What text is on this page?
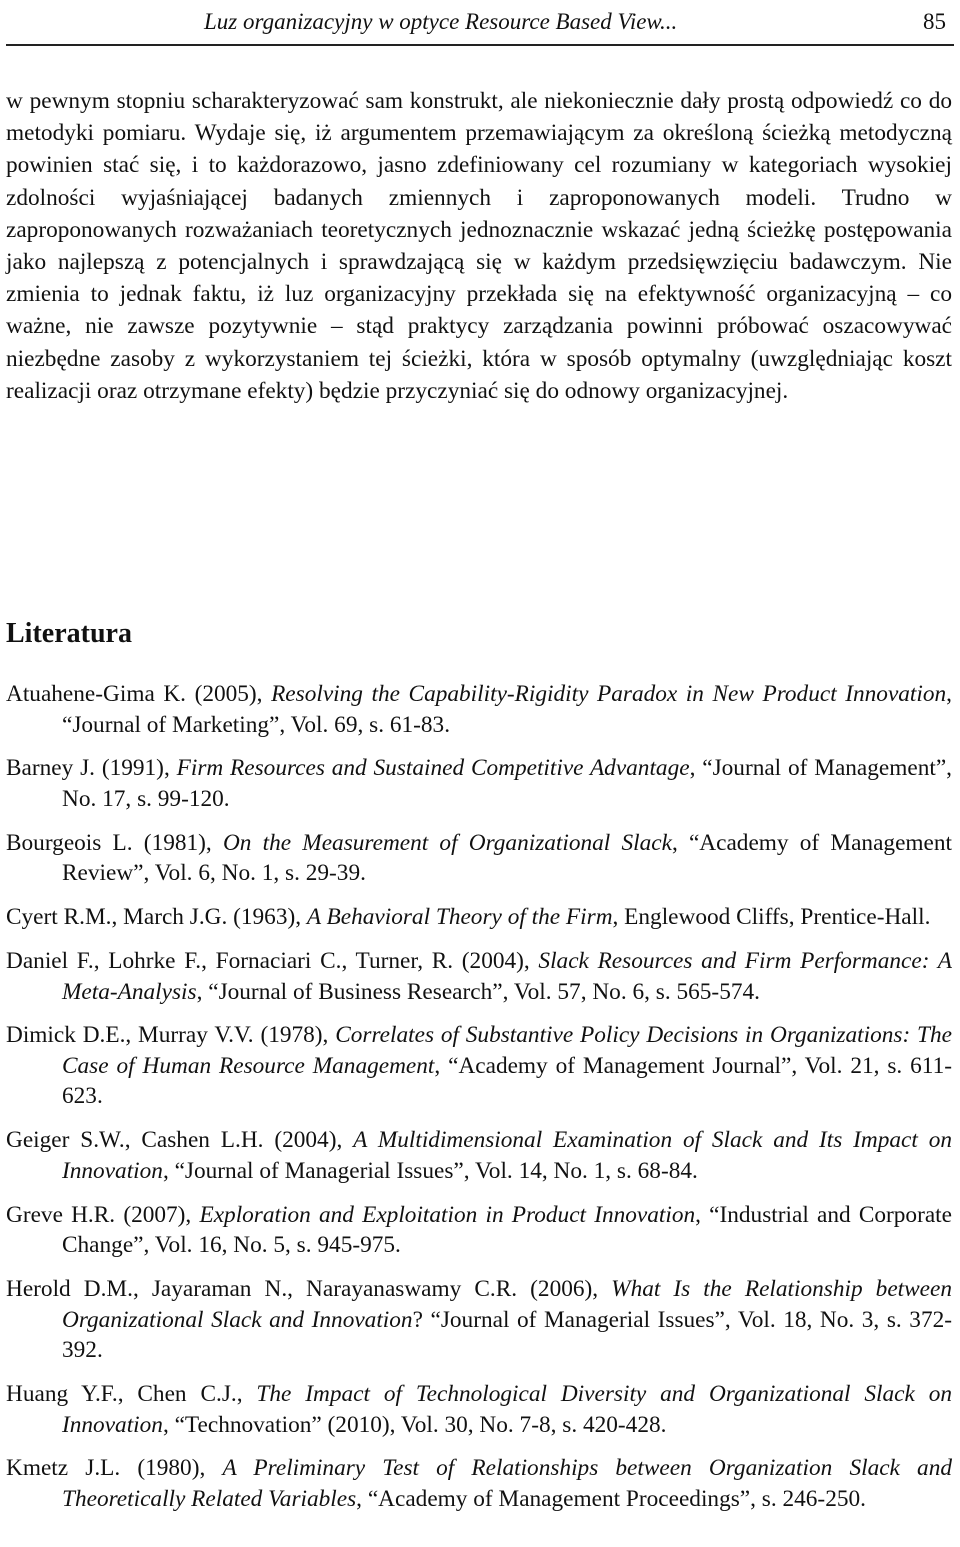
Luz organizacyjny w optyce Resource Based View...	85

w pewnym stopniu scharakteryzować sam konstrukt, ale niekoniecznie dały prostą odpowiedź co do metodyki pomiaru. Wydaje się, iż argumentem przemawiającym za określoną ścieżką metodyczną powinien stać się, i to każdorazowo, jasno zdefiniowany cel rozumiany w kategoriach wysokiej zdolności wyjaśniającej badanych zmiennych i zaproponowanych modeli. Trudno w zaproponowanych rozważaniach teoretycznych jednoznacznie wskazać jedną ścieżkę postępowania jako najlepszą z potencjalnych i sprawdzającą się w każdym przedsięwzięciu badawczym. Nie zmienia to jednak faktu, iż luz organizacyjny przekłada się na efektywność organizacyjną – co ważne, nie zawsze pozytywnie – stąd praktycy zarządzania powinni próbować oszacowywać niezbędne zasoby z wykorzystaniem tej ścieżki, która w sposób optymalny (uwzględniając koszt realizacji oraz otrzymane efekty) będzie przyczyniać się do odnowy organizacyjnej.

Literatura
Atuahene-Gima K. (2005), Resolving the Capability-Rigidity Paradox in New Product Innovation, “Journal of Marketing”, Vol. 69, s. 61-83.
Barney J. (1991), Firm Resources and Sustained Competitive Advantage, “Journal of Management”, No. 17, s. 99-120.
Bourgeois L. (1981), On the Measurement of Organizational Slack, “Academy of Management Review”, Vol. 6, No. 1, s. 29-39.
Cyert R.M., March J.G. (1963), A Behavioral Theory of the Firm, Englewood Cliffs, Prentice-Hall.
Daniel F., Lohrke F., Fornaciari C., Turner, R. (2004), Slack Resources and Firm Performance: A Meta-Analysis, “Journal of Business Research”, Vol. 57, No. 6, s. 565-574.
Dimick D.E., Murray V.V. (1978), Correlates of Substantive Policy Decisions in Organizations: The Case of Human Resource Management, “Academy of Management Journal”, Vol. 21, s. 611-623.
Geiger S.W., Cashen L.H. (2004), A Multidimensional Examination of Slack and Its Impact on Innovation, “Journal of Managerial Issues”, Vol. 14, No. 1, s. 68-84.
Greve H.R. (2007), Exploration and Exploitation in Product Innovation, “Industrial and Corporate Change”, Vol. 16, No. 5, s. 945-975.
Herold D.M., Jayaraman N., Narayanaswamy C.R. (2006), What Is the Relationship between Organizational Slack and Innovation? “Journal of Managerial Issues”, Vol. 18, No. 3, s. 372-392.
Huang Y.F., Chen C.J., The Impact of Technological Diversity and Organizational Slack on Innovation, “Technovation” (2010), Vol. 30, No. 7-8, s. 420-428.
Kmetz J.L. (1980), A Preliminary Test of Relationships between Organization Slack and Theoretically Related Variables, “Academy of Management Proceedings”, s. 246-250.
